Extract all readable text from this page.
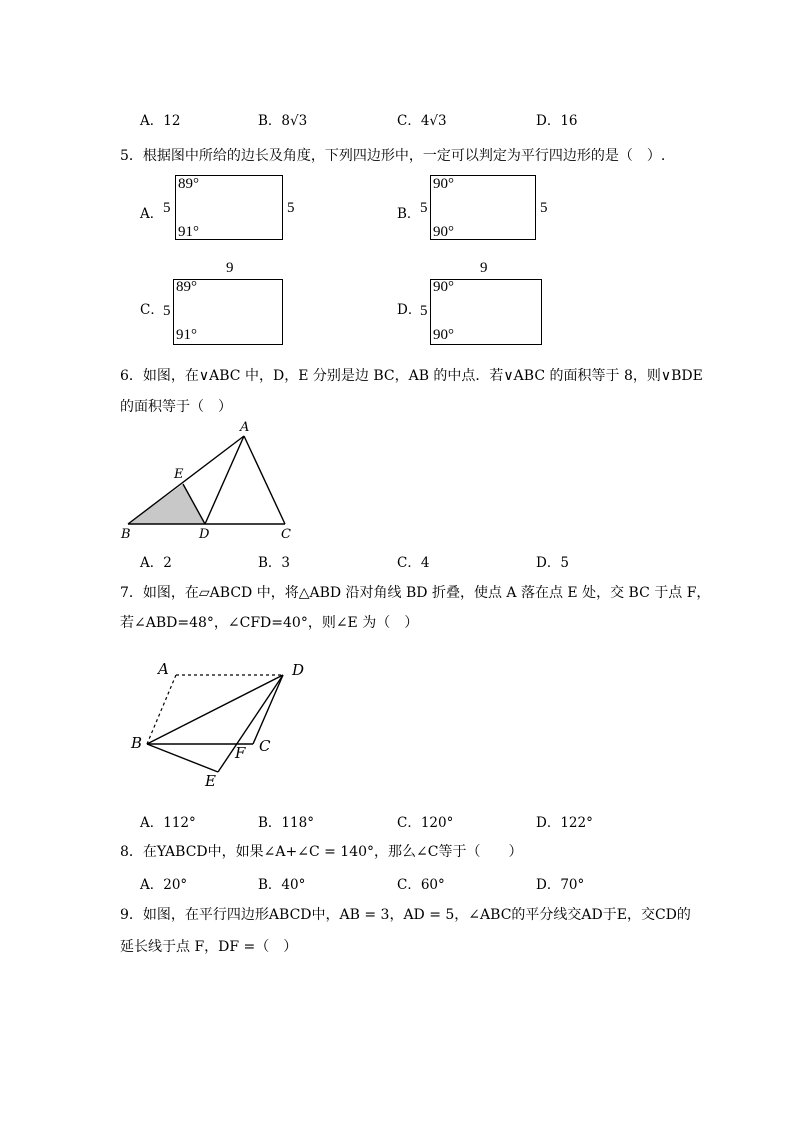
A．12	B．8√3	C．4√3	D．16
5．根据图中所给的边长及角度，下列四边形中，一定可以判定为平行四边形的是（　）.
A． 5
89°
91°
5	B． 5
90°
90°
5
9
C． 5
89°
91°
9
D．
5
90°
90°
6．如图，在∨ABC 中，D，E 分别是边 BC，AB 的中点．若∨ABC 的面积等于 8，则∨BDE
的面积等于（　）
A
E
B	D	C
A．2	B．3	C．4	D．5
7．如图，在▱ABCD 中，将△ABD 沿对角线 BD 折叠，使点 A 落在点 E 处，交 BC 于点 F，
若∠ABD=48°，∠CFD=40°，则∠E 为（　）
A	D
B	C
F
E
A．112°	B．118°	C．120°	D．122°
8．在YABCD中，如果∠A+∠C = 140°，那么∠C等于（　　）
A．20°	B．40°	C．60°	D．70°
9．如图，在平行四边形ABCD中，AB = 3，AD = 5，∠ABC的平分线交AD于E，交CD的
延长线于点 F，DF =（　）
